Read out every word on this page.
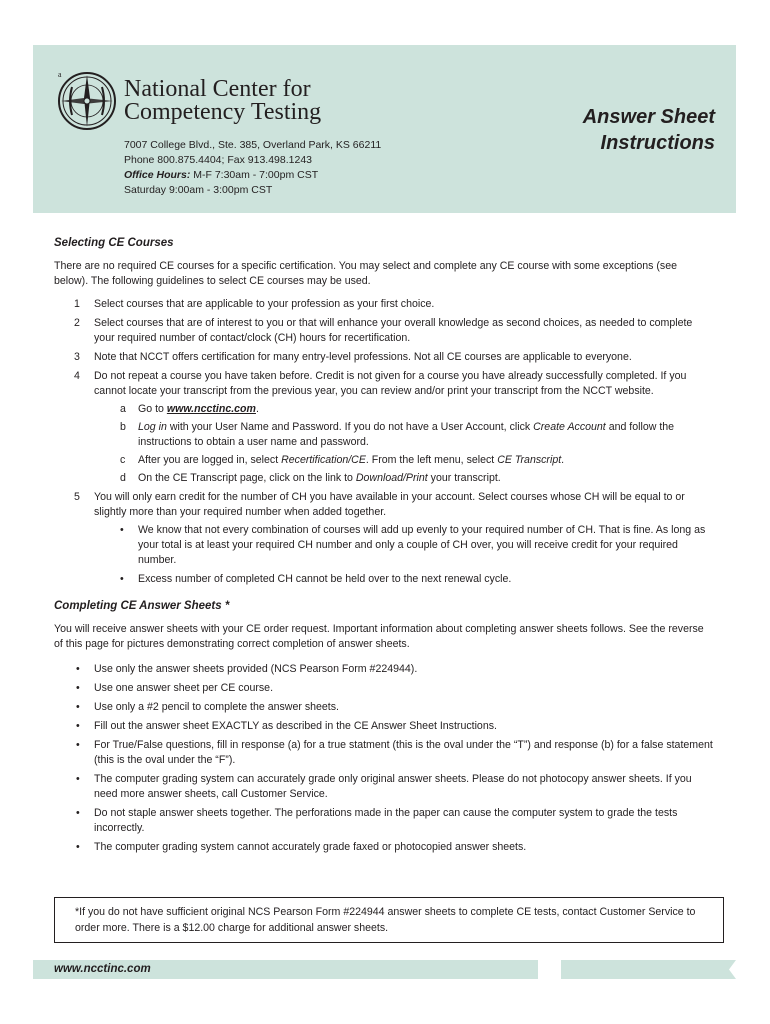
a
National Center for
Competency Testing
7007 College Blvd., Ste. 385, Overland Park, KS 66211
Phone 800.875.4404; Fax 913.498.1243
Office Hours: M-F 7:30am - 7:00pm CST
Saturday 9:00am - 3:00pm CST
Answer Sheet
Instructions
Selecting CE Courses

There are no required CE courses for a specific certification. You may select and complete any CE course with some exceptions (see below). The following guidelines to select CE courses may be used.

1 Select courses that are applicable to your profession as your first choice.
2 Select courses that are of interest to you or that will enhance your overall knowledge as second choices, as needed to complete your required number of contact/clock (CH) hours for recertification.
3 Note that NCCT offers certification for many entry-level professions. Not all CE courses are applicable to everyone.
4 Do not repeat a course you have taken before. Credit is not given for a course you have already successfully completed. If you cannot locate your transcript from the previous year, you can review and/or print your transcript from the NCCT website.
a Go to www.ncctinc.com.
b Log in with your User Name and Password. If you do not have a User Account, click Create Account and follow the instructions to obtain a user name and password.
c After you are logged in, select Recertification/CE. From the left menu, select CE Transcript.
d On the CE Transcript page, click on the link to Download/Print your transcript.
5 You will only earn credit for the number of CH you have available in your account. Select courses whose CH will be equal to or slightly more than your required number when added together.
• We know that not every combination of courses will add up evenly to your required number of CH. That is fine. As long as your total is at least your required CH number and only a couple of CH over, you will receive credit for your required number.
• Excess number of completed CH cannot be held over to the next renewal cycle.
Completing CE Answer Sheets *

You will receive answer sheets with your CE order request. Important information about completing answer sheets follows. See the reverse of this page for pictures demonstrating correct completion of answer sheets.

• Use only the answer sheets provided (NCS Pearson Form #224944).
• Use one answer sheet per CE course.
• Use only a #2 pencil to complete the answer sheets.
• Fill out the answer sheet EXACTLY as described in the CE Answer Sheet Instructions.
• For True/False questions, fill in response (a) for a true statment (this is the oval under the “T”) and response (b) for a false statement (this is the oval under the “F”).
• The computer grading system can accurately grade only original answer sheets. Please do not photocopy answer sheets. If you need more answer sheets, call Customer Service.
• Do not staple answer sheets together. The perforations made in the paper can cause the computer system to grade the tests incorrectly.
• The computer grading system cannot accurately grade faxed or photocopied answer sheets.
*If you do not have sufficient original NCS Pearson Form #224944 answer sheets to complete CE tests, contact Customer Service to order more. There is a $12.00 charge for additional answer sheets.
www.ncctinc.com
